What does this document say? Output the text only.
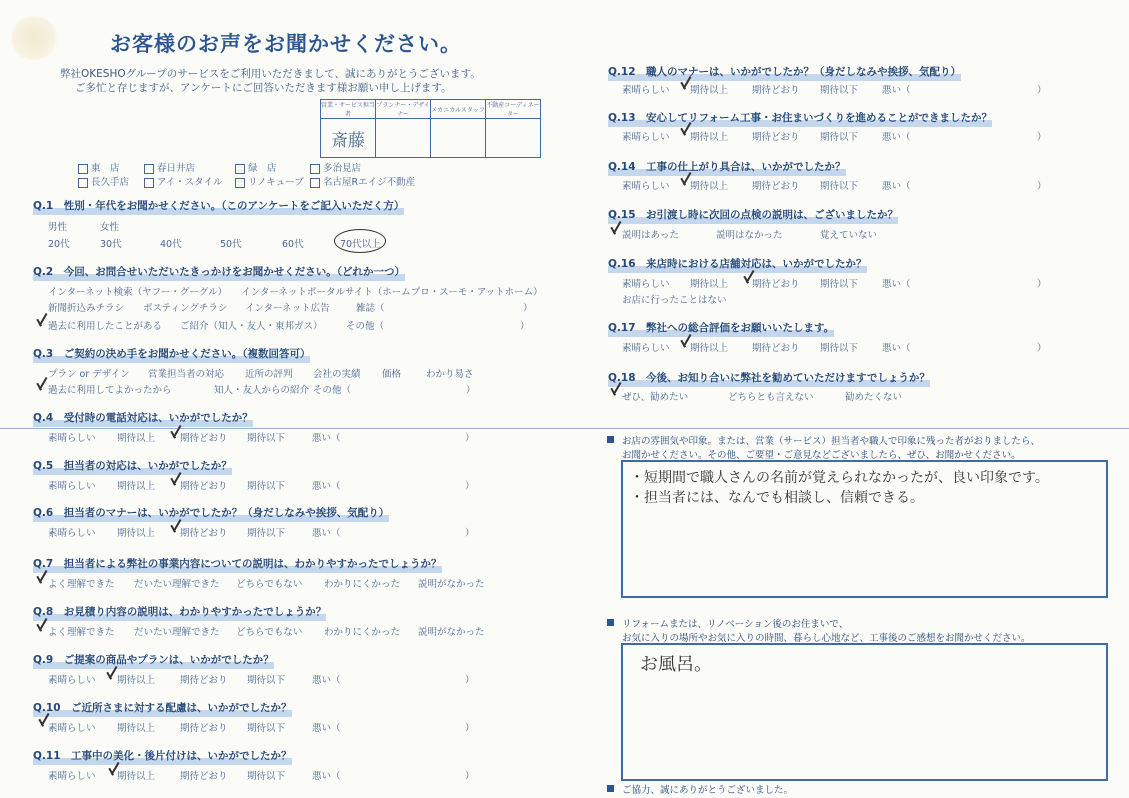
お客様のお声をお聞かせください。
弊社OKESHOグループのサービスをご利用いただきまして、誠にありがとうございます。
ご多忙と存じますが、アンケートにご回答いただきます様お願い申し上げます。
営業・サービス担当者	プランナー・デザイナー	メカニカルスタッフ	不動産コーディネーター
斎藤			
東　店	春日井店	緑　店	多治見店
長久手店	アイ・スタイル	リノキューブ	名古屋Rエイジ不動産
Q.1　性別・年代をお聞かせください。（このアンケートをご記入いただく方）
男性	女性
20代	30代	40代	50代	60代	70代以上
Q.2　今回、お問合せいただいたきっかけをお聞かせください。（どれか一つ）
インターネット検索（ヤフー・グーグル）　　インターネットポータルサイト（ホームプロ・スーモ・アットホーム）
新聞折込みチラシ ポスティングチラシ インターネット広告	雑誌（	）
過去に利用したことがある ご紹介（知人・友人・東邦ガス） その他（	）
Q.3　ご契約の決め手をお聞かせください。（複数回答可）
プラン or デザイン 営業担当者の対応 近所の評判 会社の実績 価格	わかり易さ
過去に利用してよかったから	知人・友人からの紹介 その他（	）
Q.4　受付時の電話対応は、いかがでしたか？
素晴らしい 期待以上	期待どおり 期待以下	悪い（	）
Q.5　担当者の対応は、いかがでしたか？
素晴らしい 期待以上	期待どおり 期待以下	悪い（	）
Q.6　担当者のマナーは、いかがでしたか？（身だしなみや挨拶、気配り）
素晴らしい 期待以上	期待どおり 期待以下	悪い（	）
Q.7　担当者による弊社の事業内容についての説明は、わかりやすかったでしょうか？
よく理解できた だいたい理解できた どちらでもない わかりにくかった 説明がなかった
Q.8　お見積り内容の説明は、わかりやすかったでしょうか？
よく理解できた だいたい理解できた どちらでもない わかりにくかった 説明がなかった
Q.9　ご提案の商品やプランは、いかがでしたか？
素晴らしい 期待以上	期待どおり 期待以下	悪い（	）
Q.10　ご近所さまに対する配慮は、いかがでしたか？
素晴らしい 期待以上	期待どおり 期待以下	悪い（	）
Q.11　工事中の美化・後片付けは、いかがでしたか？
素晴らしい 期待以上	期待どおり 期待以下	悪い（	）
Q.12　職人のマナーは、いかがでしたか？（身だしなみや挨拶、気配り）
素晴らしい 期待以上	期待どおり 期待以下	悪い（	）
Q.13　安心してリフォーム工事・お住まいづくりを進めることができましたか？
素晴らしい 期待以上	期待どおり 期待以下	悪い（	）
Q.14　工事の仕上がり具合は、いかがでしたか？
素晴らしい 期待以上	期待どおり 期待以下	悪い（	）
Q.15　お引渡し時に次回の点検の説明は、ございましたか？
説明はあった	説明はなかった	覚えていない
Q.16　来店時における店舗対応は、いかがでしたか？
素晴らしい 期待以上	期待どおり 期待以下	悪い（	）
お店に行ったことはない
Q.17　弊社への総合評価をお願いいたします。
素晴らしい 期待以上	期待どおり 期待以下	悪い（	）
Q.18　今後、お知り合いに弊社を勧めていただけますでしょうか？
ぜひ、勧めたい	どちらとも言えない	勧めたくない
お店の雰囲気や印象。または、営業（サービス）担当者や職人で印象に残った者がおりましたら、
お聞かせください。その他、ご要望・ご意見などございましたら、ぜひ、お聞かせください。
・短期間で職人さんの名前が覚えられなかったが、良い印象です。
・担当者には、なんでも相談し、信頼できる。
リフォームまたは、リノベーション後のお住まいで、
お気に入りの場所やお気に入りの時間、暮らし心地など、工事後のご感想をお聞かせください。
お風呂。
ご協力、誠にありがとうございました。
